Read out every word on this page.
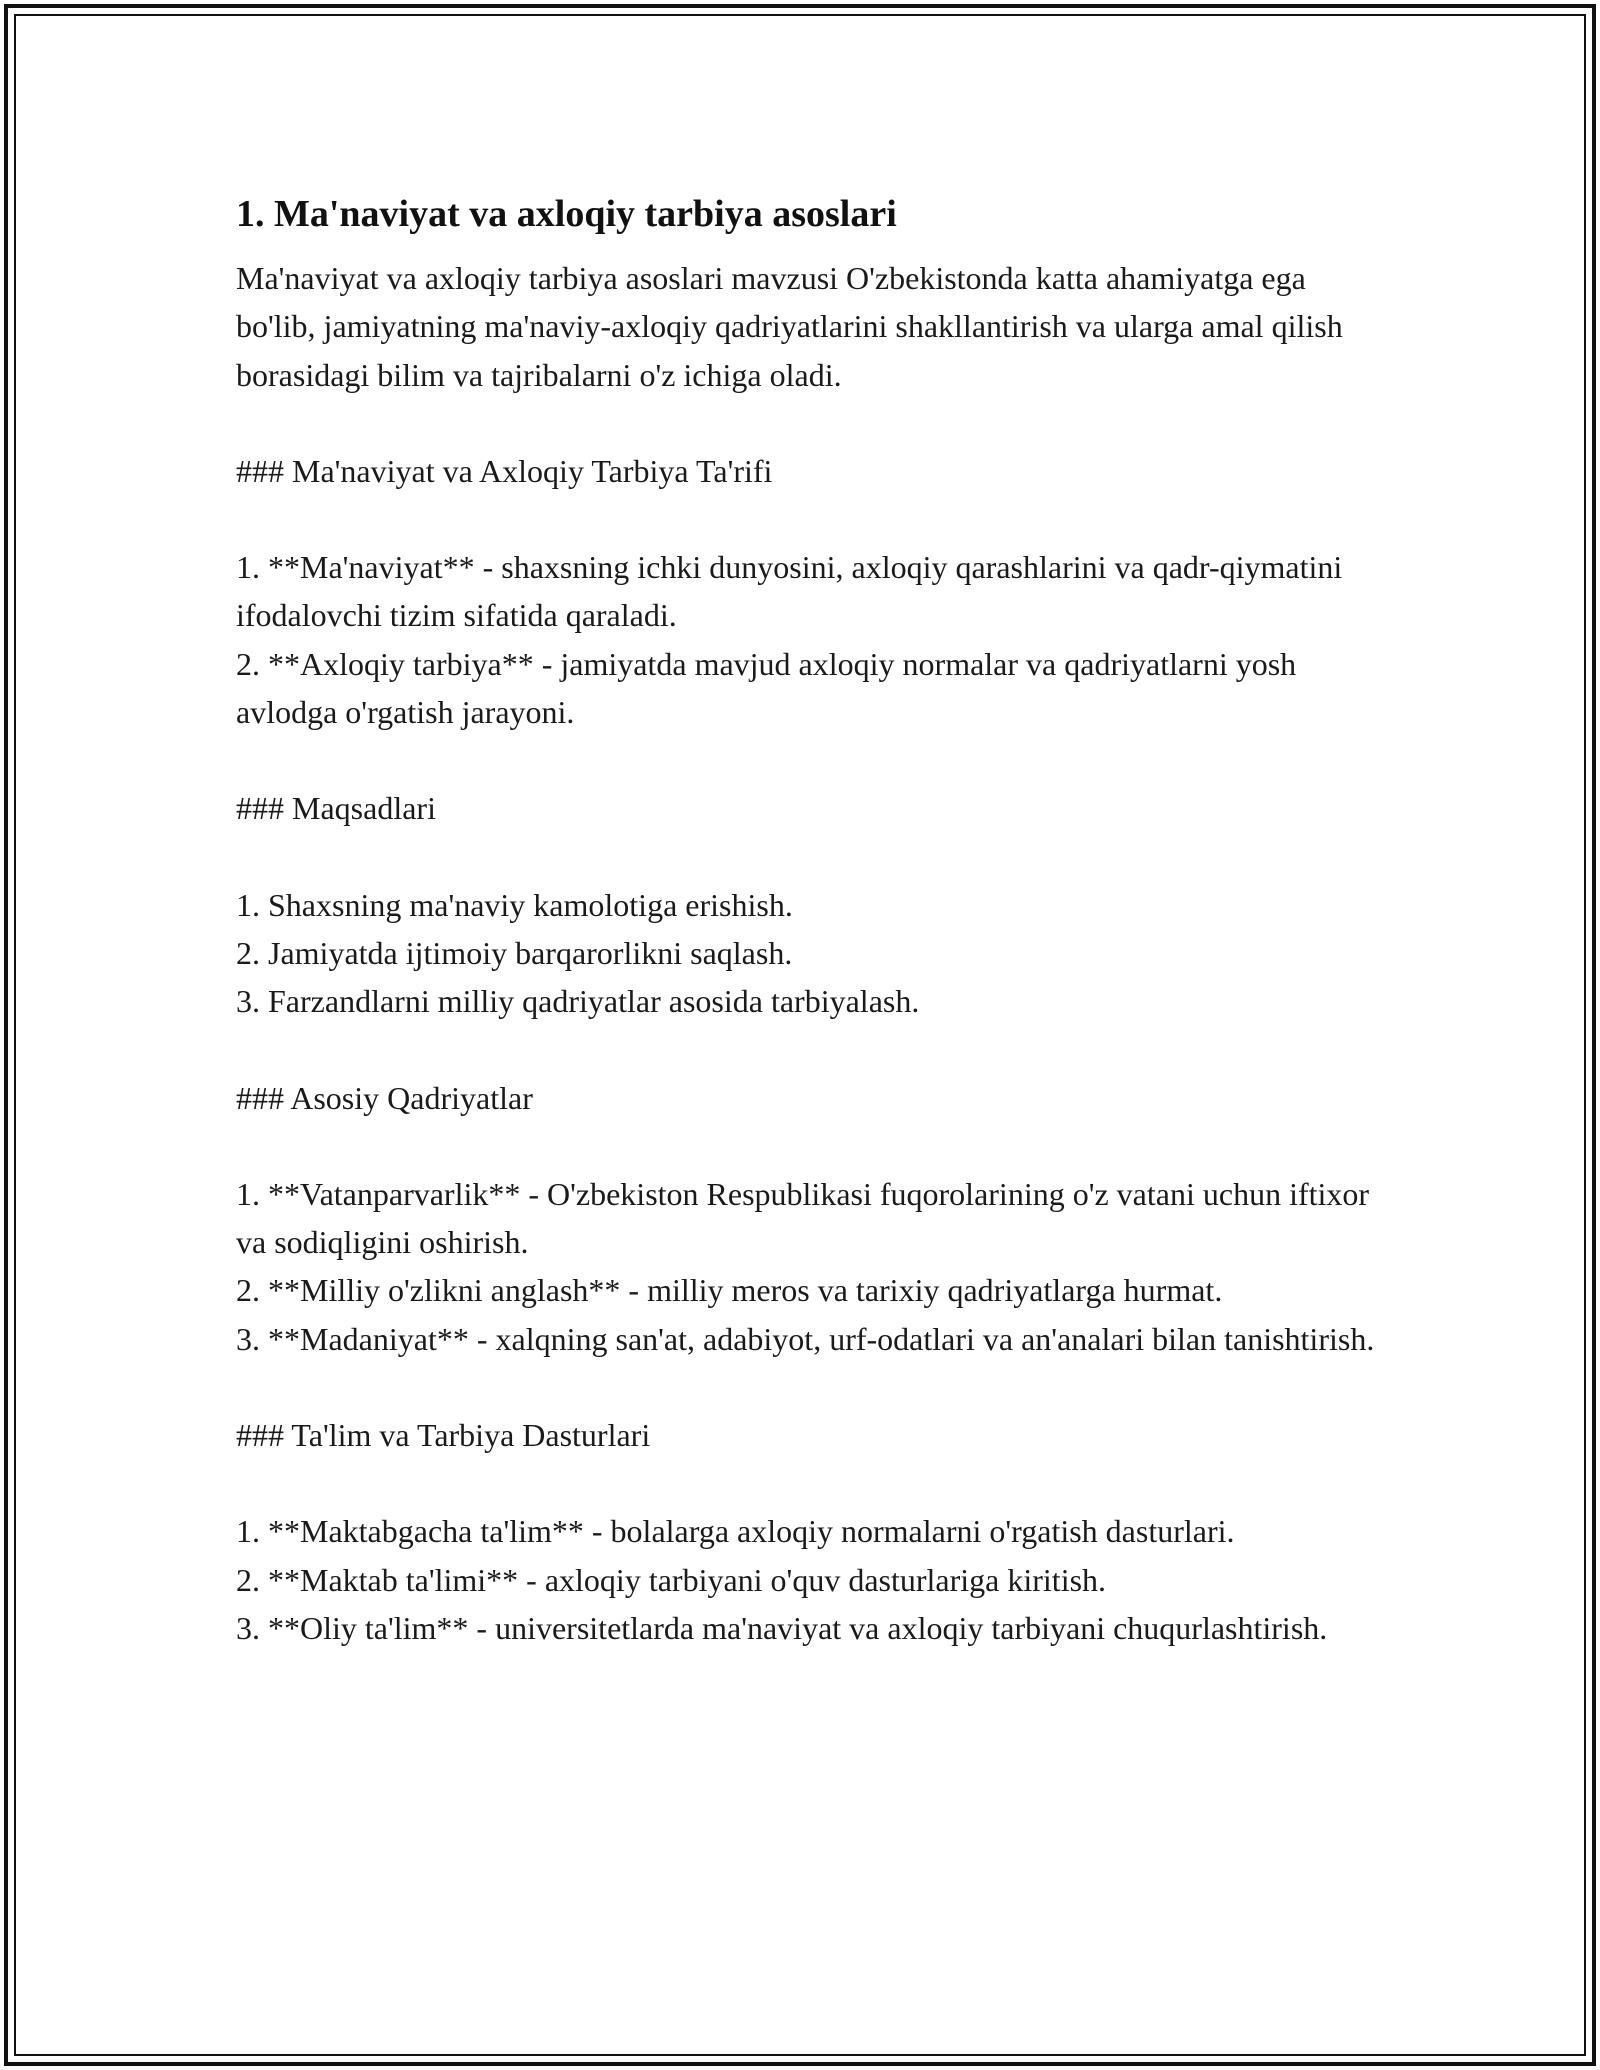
1. Ma'naviyat va axloqiy tarbiya asoslari

Ma'naviyat va axloqiy tarbiya asoslari mavzusi O'zbekistonda katta ahamiyatga ega bo'lib, jamiyatning ma'naviy-axloqiy qadriyatlarini shakllantirish va ularga amal qilish borasidagi bilim va tajribalarni o'z ichiga oladi.

### Ma'naviyat va Axloqiy Tarbiya Ta'rifi
1. **Ma'naviyat** - shaxsning ichki dunyosini, axloqiy qarashlarini va qadr-qiymatini ifodalovchi tizim sifatida qaraladi.
2. **Axloqiy tarbiya** - jamiyatda mavjud axloqiy normalar va qadriyatlarni yosh avlodga o'rgatish jarayoni.
### Maqsadlari
1. Shaxsning ma'naviy kamolotiga erishish.
2. Jamiyatda ijtimoiy barqarorlikni saqlash.
3. Farzandlarni milliy qadriyatlar asosida tarbiyalash.
### Asosiy Qadriyatlar
1. **Vatanparvarlik** - O'zbekiston Respublikasi fuqorolarining o'z vatani uchun iftixor va sodiqligini oshirish.
2. **Milliy o'zlikni anglash** - milliy meros va tarixiy qadriyatlarga hurmat.
3. **Madaniyat** - xalqning san'at, adabiyot, urf-odatlari va an'analari bilan tanishtirish.
### Ta'lim va Tarbiya Dasturlari
1. **Maktabgacha ta'lim** - bolalarga axloqiy normalarni o'rgatish dasturlari.
2. **Maktab ta'limi** - axloqiy tarbiyani o'quv dasturlariga kiritish.
3. **Oliy ta'lim** - universitetlarda ma'naviyat va axloqiy tarbiyani chuqurlashtirish.
